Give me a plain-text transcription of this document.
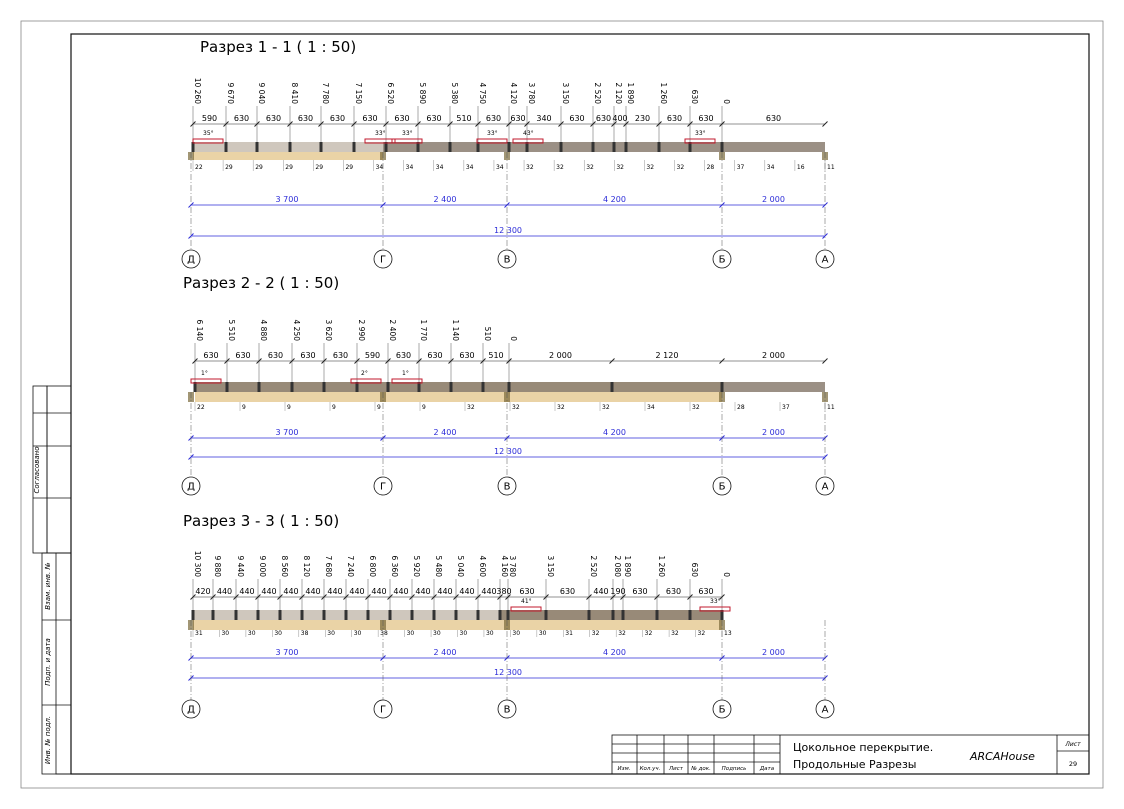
Согласовано
Взам. инв. №
Подп. и дата
Инв. № подл.
Разрез 1 - 1 ( 1 : 50)
10 260	9 670	9 040	8 410	7 780	7 150	6 520	5 890	5 380	4 750	4 120 3 780	3 150	2 520 2 120 1 890	1 260	630	0
590 630 630 630 630 630 630 630 510 630 630 340 630 630 400 230 630 630	630
35°	33°	33°	33°	43°	33°
22	29	29	29	29	29	34	34	34	34	34	32	32	32	32	32	32	28	37	34	16	11
3 700	2 400	4 200	2 000
12 300
Д	Г	В	Б	А
Разрез 2 - 2 ( 1 : 50)
6 140	5 510	4 880	4 250	3 620	2 990	2 400	1 770	1 140	510 0
630 630 630 630 630 590 630 630 630 510	2 000	2 120	2 000
1°	2°	1°
22	9	9	9	9	9	32	32	32	32	34	32	28	37	11
3 700	2 400	4 200	2 000
12 300
Д	Г	В	Б	А
Разрез 3 - 3 ( 1 : 50)
10 300 9 880 9 440 9 000 8 560 8 120 7 680 7 240 6 800 6 360 5 920 5 480 5 040 4 600 4 160 3 780	3 150	2 520 2 080 1 890	1 260	630	0
420 440 440 440 440 440 440 440 440 440 440 440 440 440 380 630	630 440 190 630 630 630
41°	33°
31	30	30	30	38	30	30	38	30	30	30	30	30	30	31	32	32	32	32	32	13
3 700	2 400	4 200	2 000
12 300
Д	Г	В	Б	А
Изм. Кол.уч. Лист № док. Подпись Дата
Цокольное перекрытие.
Продольные Разрезы
ARCAHouse
Лист
29
